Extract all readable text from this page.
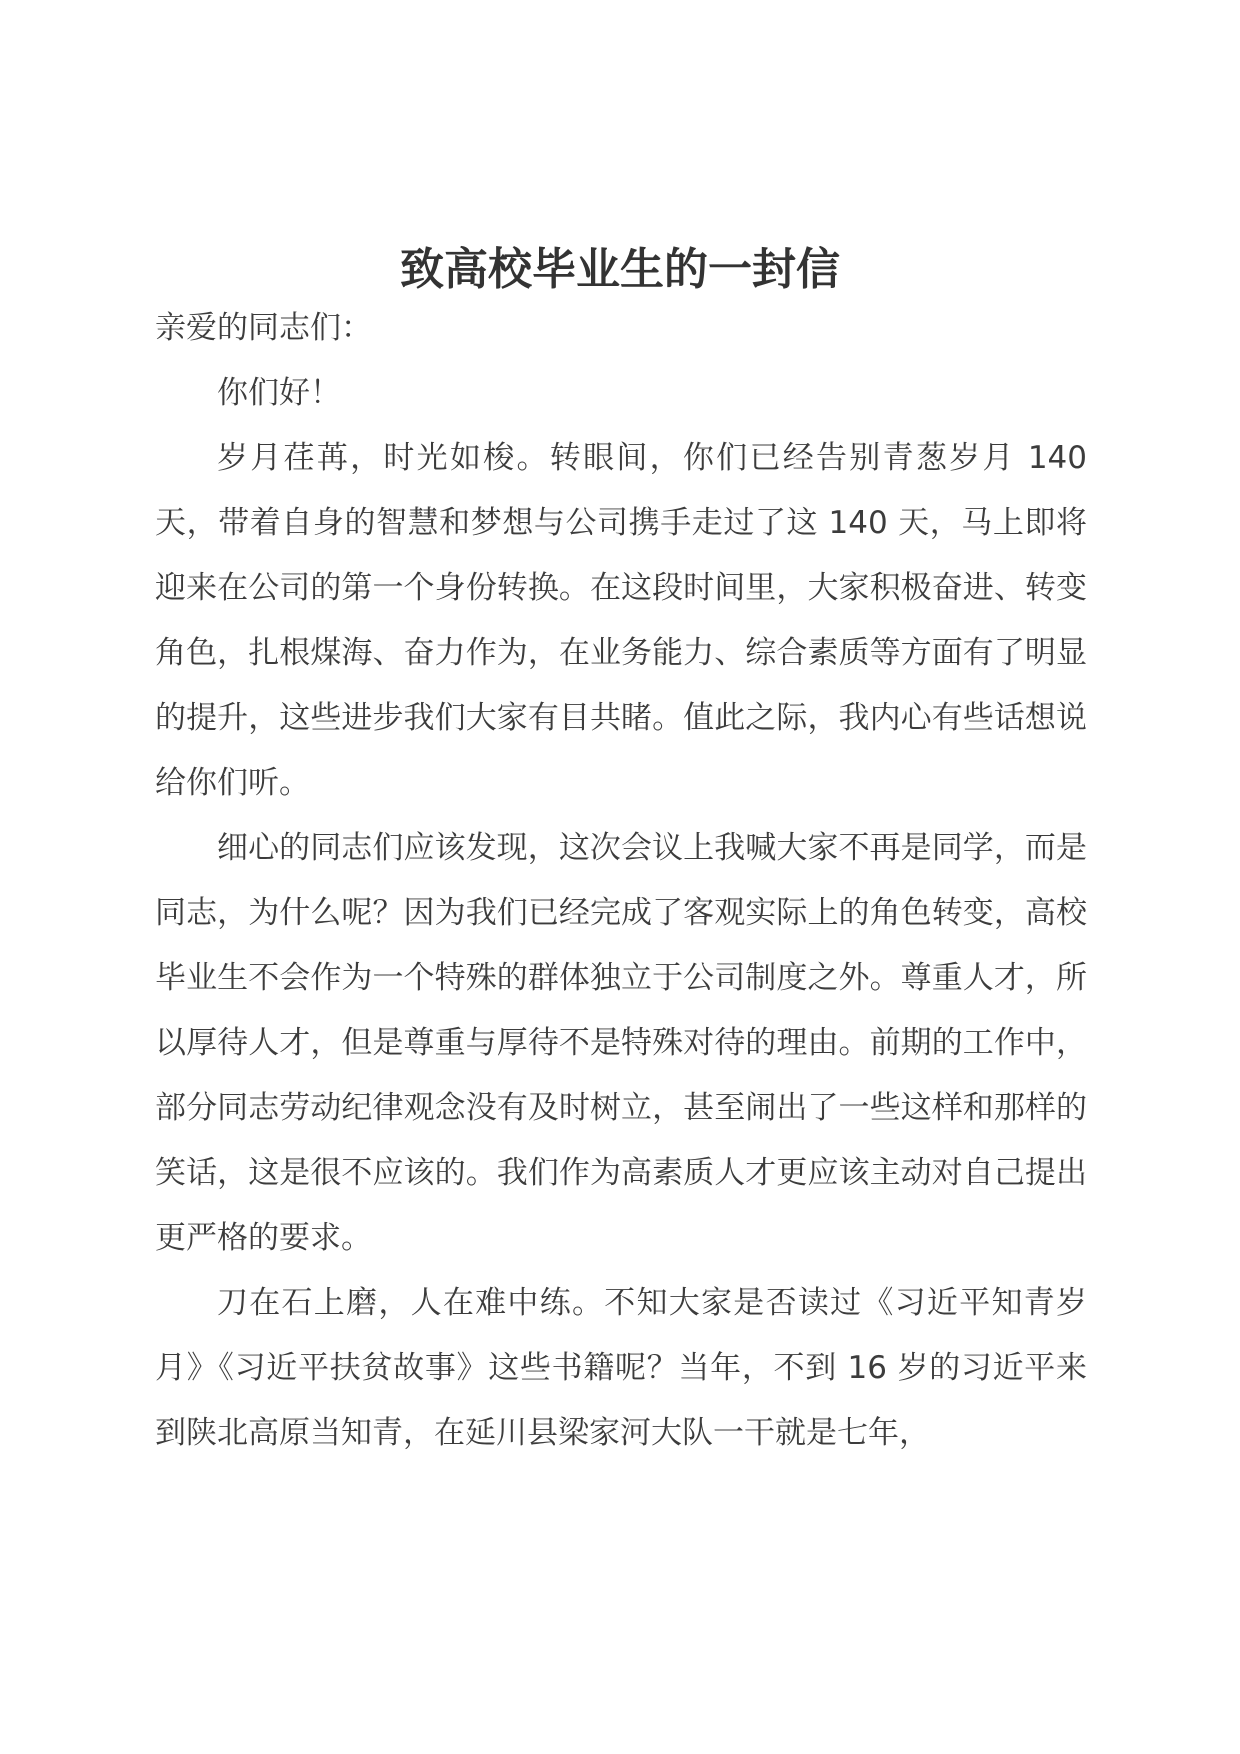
致高校毕业生的一封信

亲爱的同志们：

你们好！

岁月荏苒，时光如梭。转眼间，你们已经告别青葱岁月 140 天，带着自身的智慧和梦想与公司携手走过了这 140 天，马上即将迎来在公司的第一个身份转换。在这段时间里，大家积极奋进、转变角色，扎根煤海、奋力作为，在业务能力、综合素质等方面有了明显的提升，这些进步我们大家有目共睹。值此之际，我内心有些话想说给你们听。

细心的同志们应该发现，这次会议上我喊大家不再是同学，而是同志，为什么呢？因为我们已经完成了客观实际上的角色转变，高校毕业生不会作为一个特殊的群体独立于公司制度之外。尊重人才，所以厚待人才，但是尊重与厚待不是特殊对待的理由。前期的工作中，部分同志劳动纪律观念没有及时树立，甚至闹出了一些这样和那样的笑话，这是很不应该的。我们作为高素质人才更应该主动对自己提出更严格的要求。

刀在石上磨，人在难中练。不知大家是否读过《习近平知青岁月》《习近平扶贫故事》这些书籍呢？当年，不到 16 岁的习近平来到陕北高原当知青，在延川县梁家河大队一干就是七年，
